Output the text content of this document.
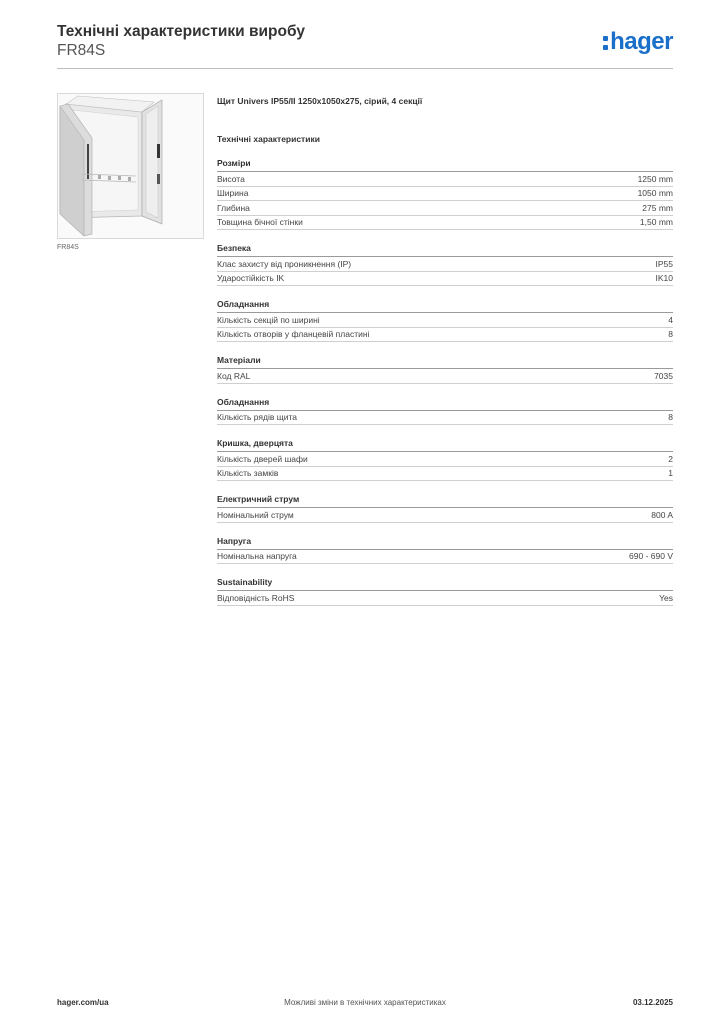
Технічні характеристики виробу
FR84S	hager
FR84S
Щит Univers IP55/II 1250x1050x275, сірий, 4 секції
Технічні характеристики
Розміри
Висота	1250 mm
Ширина	1050 mm
Глибина	275 mm
Товщина бічної стінки	1,50 mm
Безпека
Клас захисту від проникнення (IP)	IP55
Ударостійкість IK	IK10
Обладнання
Кількість секцій по ширині	4
Кількість отворів у фланцевій пластині	8
Матеріали
Код RAL	7035
Обладнання
Кількість рядів щита	8
Кришка, дверцята
Кількість дверей шафи	2
Кількість замків	1
Електричний струм
Номінальний струм	800 A
Напруга
Номінальна напруга	690 - 690 V
Sustainability
Відповідність RoHS	Yes
hager.com/ua	Можливі зміни в технічних характеристиках	03.12.2025
